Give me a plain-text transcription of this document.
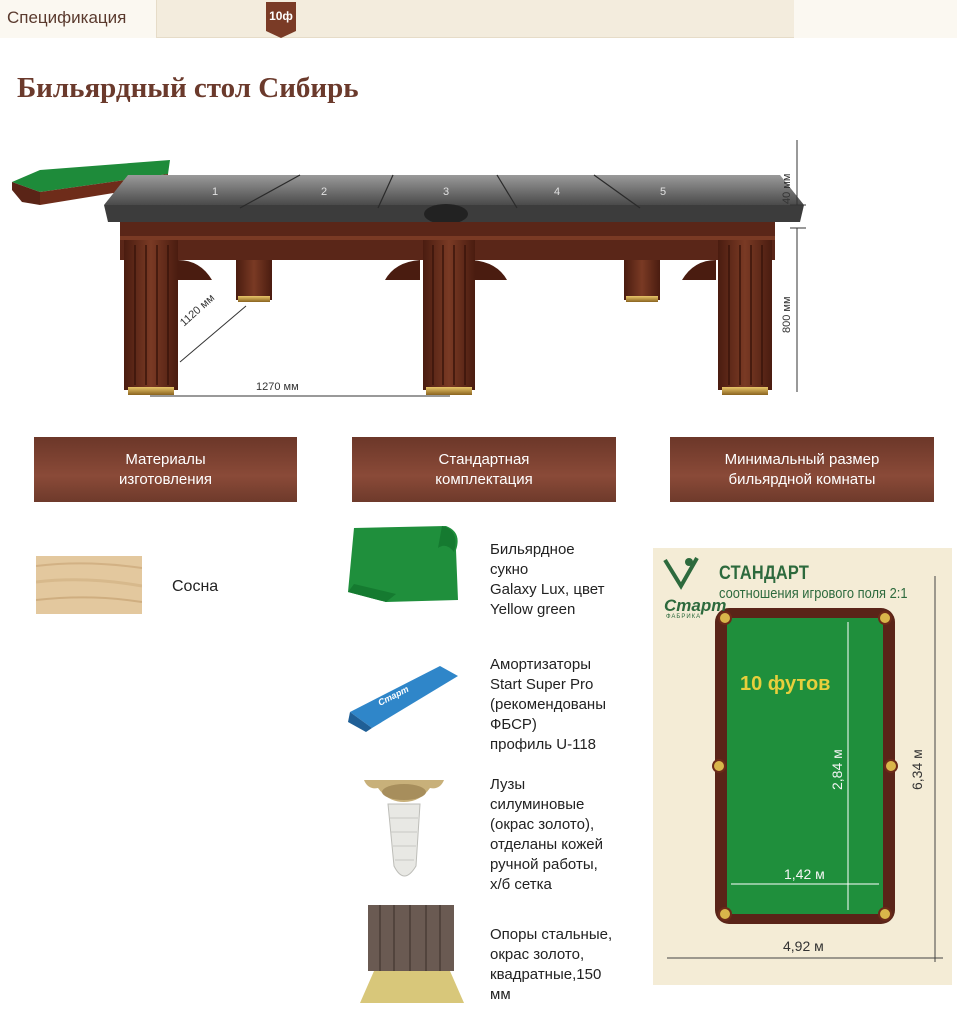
Спецификация	10ф
Бильярдный стол Сибирь
1	2	3	4	5	40 мм
800 мм
1120 мм
1270 мм
Материалы
изготовления
Стандартная
комплектация
Минимальный размер
бильярдной комнаты
Сосна
Старт
Бильярдное
сукно
Galaxy Lux, цвет
Yellow green
Амортизаторы
Start Super Pro
(рекомендованы
ФБСР)
профиль U-118
Лузы
силуминовые
(окрас золото),
отделаны кожей
ручной работы,
х/б сетка
Опоры стальные,
окрас золото,
квадратные,150
мм
Старт
ФАБРИКА
СТАНДАРТ
соотношения игрового поля 2:1
10 футов
2,84 м
1,42 м
6,34 м
4,92 м
